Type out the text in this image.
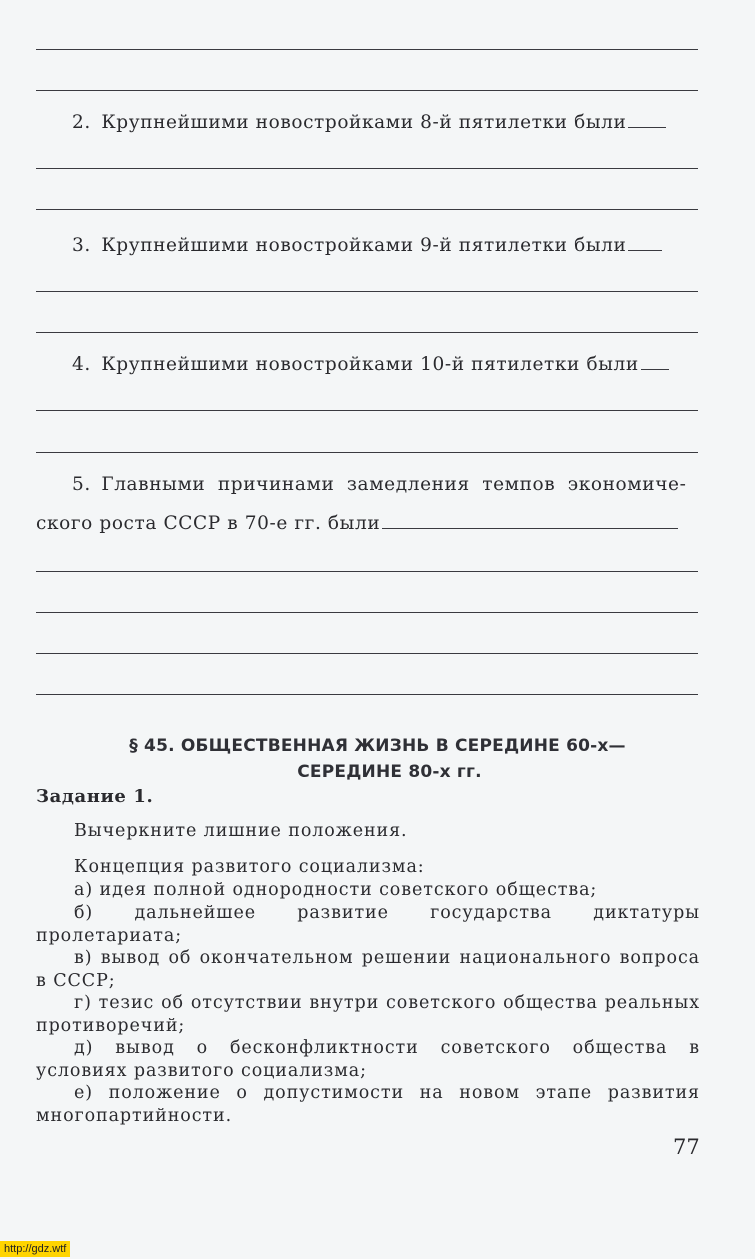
2. Крупнейшими новостройками 8-й пятилетки были
3. Крупнейшими новостройками 9-й пятилетки были
4. Крупнейшими новостройками 10-й пятилетки были
5. Главными причинами замедления темпов экономиче-
ского роста СССР в 70-е гг. были
§ 45. ОБЩЕСТВЕННАЯ ЖИЗНЬ В СЕРЕДИНЕ 60-х—
СЕРЕДИНЕ 80-х гг.
Задание 1.
Вычеркните лишние положения.
Концепция развитого социализма:
а) идея полной однородности советского общества;
б) дальнейшее развитие государства диктатуры пролетариата;
в) вывод об окончательном решении национального вопроса в СССР;
г) тезис об отсутствии внутри советского общества реальных противоречий;
д) вывод о бесконфликтности советского общества в условиях развитого социализма;
е) положение о допустимости на новом этапе развития многопартийности.
77
http://gdz.wtf
